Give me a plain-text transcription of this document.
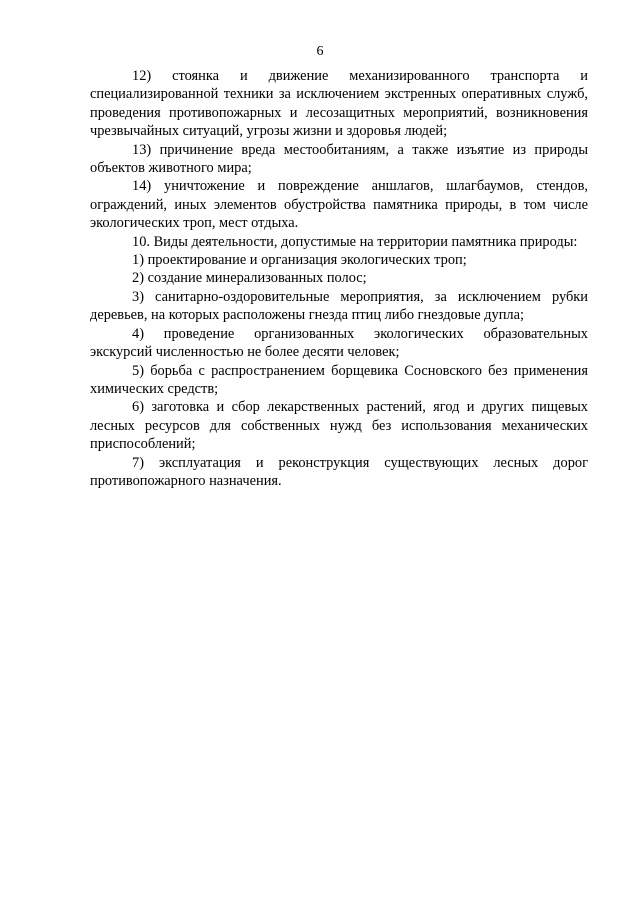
6

12) стоянка и движение механизированного транспорта и специализированной техники за исключением экстренных оперативных служб, проведения противопожарных и лесозащитных мероприятий, возникновения чрезвычайных ситуаций, угрозы жизни и здоровья людей;

13) причинение вреда местообитаниям, а также изъятие из природы объектов животного мира;

14) уничтожение и повреждение аншлагов, шлагбаумов, стендов, ограждений, иных элементов обустройства памятника природы, в том числе экологических троп, мест отдыха.

10. Виды деятельности, допустимые на территории памятника природы:

1) проектирование и организация экологических троп;

2) создание минерализованных полос;

3) санитарно-оздоровительные мероприятия, за исключением рубки деревьев, на которых расположены гнезда птиц либо гнездовые дупла;

4) проведение организованных экологических образовательных экскурсий численностью не более десяти человек;

5) борьба с распространением борщевика Сосновского без применения химических средств;

6) заготовка и сбор лекарственных растений, ягод и других пищевых лесных ресурсов для собственных нужд без использования механических приспособлений;

7) эксплуатация и реконструкция существующих лесных дорог противопожарного назначения.
